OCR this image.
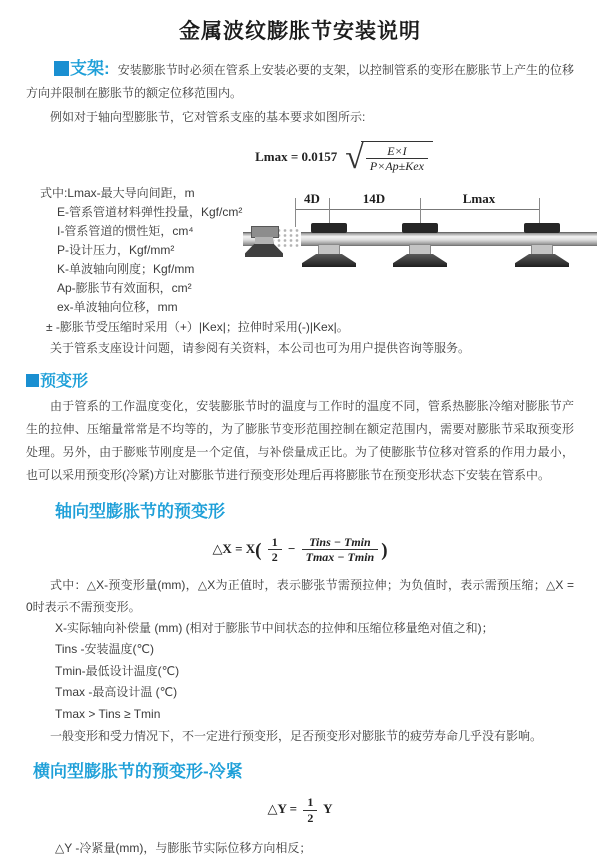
金属波纹膨胀节安装说明

支架: 安装膨胀节时必须在管系上安装必要的支架，以控制管系的变形在膨胀节上产生的位移方向并限制在膨胀节的额定位移范围内。

例如对于轴向型膨胀节，它对管系支座的基本要求如图所示:

Lmax = 0.0157 √ $\frac{E\times I}{\text{P×Ap±Kex}}$
式中:Lmax-最大导向间距，m
E-管系管道材料弹性投量，Kgf/cm²
I-管系管道的惯性矩，cm⁴
P-设计压力，Kgf/mm²
K-单波轴向刚度；Kgf/mm
Ap-膨胀节有效面积，cm²
ex-单波轴向位移，mm
± -膨胀节受压缩时采用（+）|Kex|；拉伸时采用(-)|Kex|。
关于管系支座设计问题，请参阅有关资料，本公司也可为用户提供咨询等服务。
4D	14D	Lmax
预变形

由于管系的工作温度变化，安装膨胀节时的温度与工作时的温度不同，管系热膨胀冷缩对膨胀节产生的拉伸、压缩量常常是不均等的，为了膨胀节变形范围控制在额定范围内，需要对膨胀节采取预变形处理。另外，由于膨账节刚度是一个定值，与补偿量成正比。为了使膨胀节位移对管系的作用力最小，也可以采用预变形(冷紧)方让对膨胀节进行预变形处理后再将膨胀节在预变形状态下安装在管系中。

轴向型膨胀节的预变形
△X = $X( \frac{1}{2} - \frac{\text{Tins − Tmin}}{Tmax - Tmin}$ )

式中：△X-预变形量(mm)，△X为正值时，表示膨张节需预拉伸；为负值时，表示需预压缩；△X = 0时表示不需预变形。

X-实际轴向补偿量 (mm) (相对于膨胀节中间状态的拉伸和压缩位移量绝对值之和)；
Tins -安装温度(℃)
Tmin-最低设计温度(℃)
Tmax -最高设计温 (℃)
Tmax > Tins ≥ Tmin

一般变形和受力情况下，不一定进行预变形，足否预变形对膨胀节的疲劳寿命几乎没有影响。

横向型膨胀节的预变形-冷紧
△Y = $\frac{1}{2}$ Y
△Y -冷紧量(mm)，与膨胀节实际位移方向相反；
